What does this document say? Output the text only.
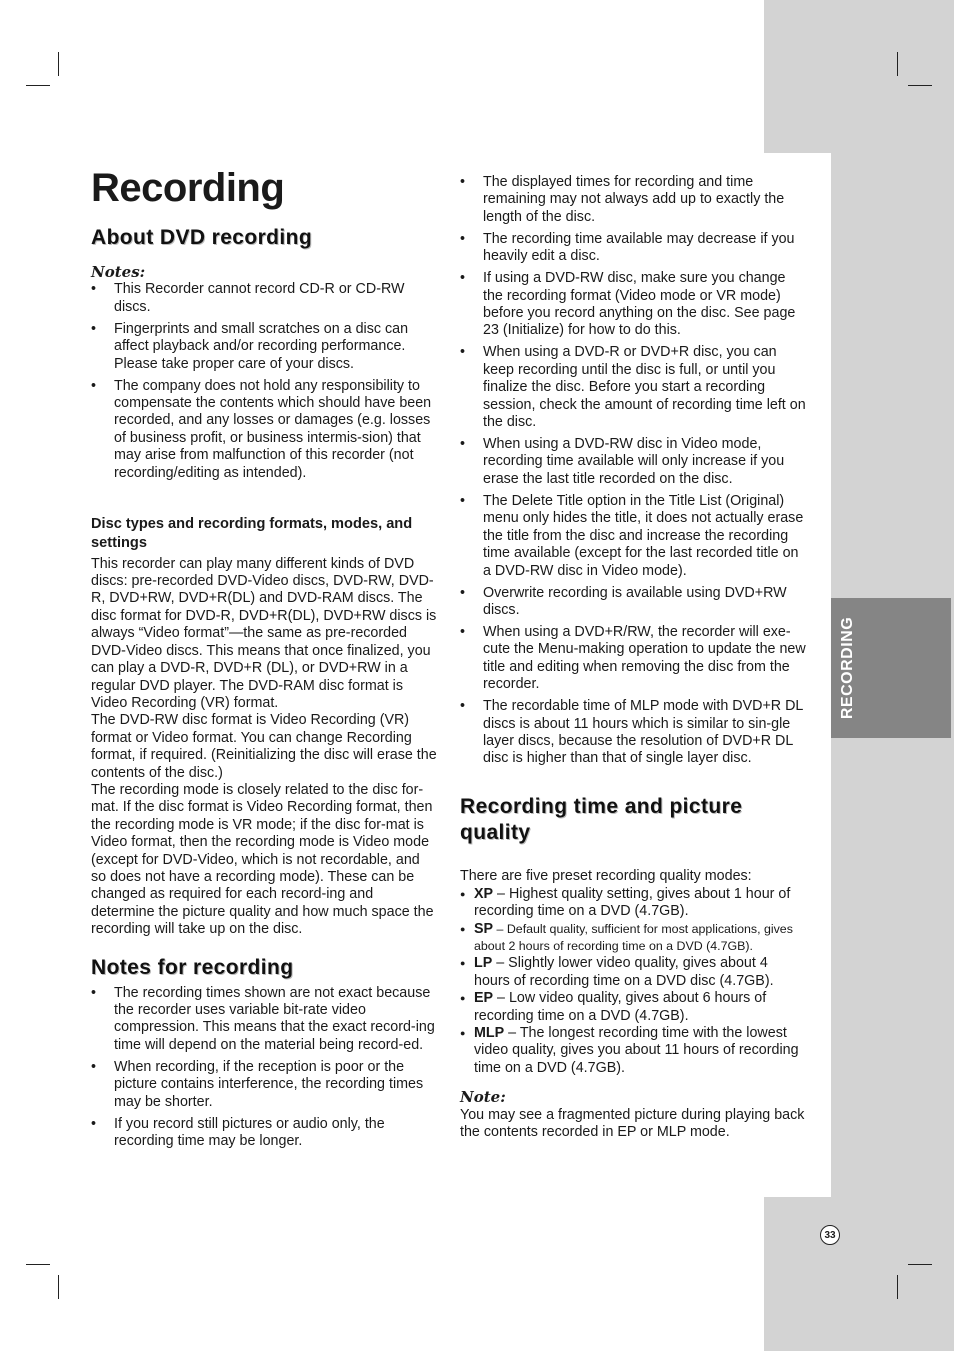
RECORDING
Recording
About DVD recording

Notes:

• This Recorder cannot record CD-R or CD-RW discs.
• Fingerprints and small scratches on a disc can affect playback and/or recording performance. Please take proper care of your discs.
• The company does not hold any responsibility to compensate the contents which should have been recorded, and any losses or damages (e.g. losses of business profit, or business intermis-sion) that may arise from malfunction of this recorder (not recording/editing as intended).

Disc types and recording formats, modes, and settings

This recorder can play many different kinds of DVD discs: pre-recorded DVD-Video discs, DVD-RW, DVD-R, DVD+RW, DVD+R(DL) and DVD-RAM discs. The disc format for DVD-R, DVD+R(DL), DVD+RW discs is always “Video format”—the same as pre-recorded DVD-Video discs. This means that once finalized, you can play a DVD-R, DVD+R (DL), or DVD+RW in a regular DVD player. The DVD-RAM disc format is Video Recording (VR) format.

The DVD-RW disc format is Video Recording (VR) format or Video format. You can change Recording format, if required. (Reinitializing the disc will erase the contents of the disc.)

The recording mode is closely related to the disc for-mat. If the disc format is Video Recording format, then the recording mode is VR mode; if the disc for-mat is Video format, then the recording mode is Video mode (except for DVD-Video, which is not recordable, and so does not have a recording mode). These can be changed as required for each record-ing and determine the picture quality and how much space the recording will take up on the disc.

Notes for recording
• The recording times shown are not exact because the recorder uses variable bit-rate video compression. This means that the exact record-ing time will depend on the material being record-ed.
• When recording, if the reception is poor or the picture contains interference, the recording times may be shorter.
• If you record still pictures or audio only, the recording time may be longer.
• The displayed times for recording and time remaining may not always add up to exactly the length of the disc.
• The recording time available may decrease if you heavily edit a disc.
• If using a DVD-RW disc, make sure you change the recording format (Video mode or VR mode) before you record anything on the disc. See page 23 (Initialize) for how to do this.
• When using a DVD-R or DVD+R disc, you can keep recording until the disc is full, or until you finalize the disc. Before you start a recording session, check the amount of recording time left on the disc.
• When using a DVD-RW disc in Video mode, recording time available will only increase if you erase the last title recorded on the disc.
• The Delete Title option in the Title List (Original) menu only hides the title, it does not actually erase the title from the disc and increase the recording time available (except for the last recorded title on a DVD-RW disc in Video mode).
• Overwrite recording is available using DVD+RW discs.
• When using a DVD+R/RW, the recorder will exe-cute the Menu-making operation to update the new title and editing when removing the disc from the recorder.
• The recordable time of MLP mode with DVD+R DL discs is about 11 hours which is similar to sin-gle layer discs, because the resolution of DVD+R DL disc is higher than that of single layer disc.
Recording time and picture quality

There are five preset recording quality modes:

● XP – Highest quality setting, gives about 1 hour of recording time on a DVD (4.7GB).
● SP – Default quality, sufficient for most applications, gives about 2 hours of recording time on a DVD (4.7GB).
● LP – Slightly lower video quality, gives about 4 hours of recording time on a DVD disc (4.7GB).
● EP – Low video quality, gives about 6 hours of recording time on a DVD (4.7GB).
● MLP – The longest recording time with the lowest video quality, gives you about 11 hours of recording time on a DVD (4.7GB).

Note:

You may see a fragmented picture during playing back the contents recorded in EP or MLP mode.

33
